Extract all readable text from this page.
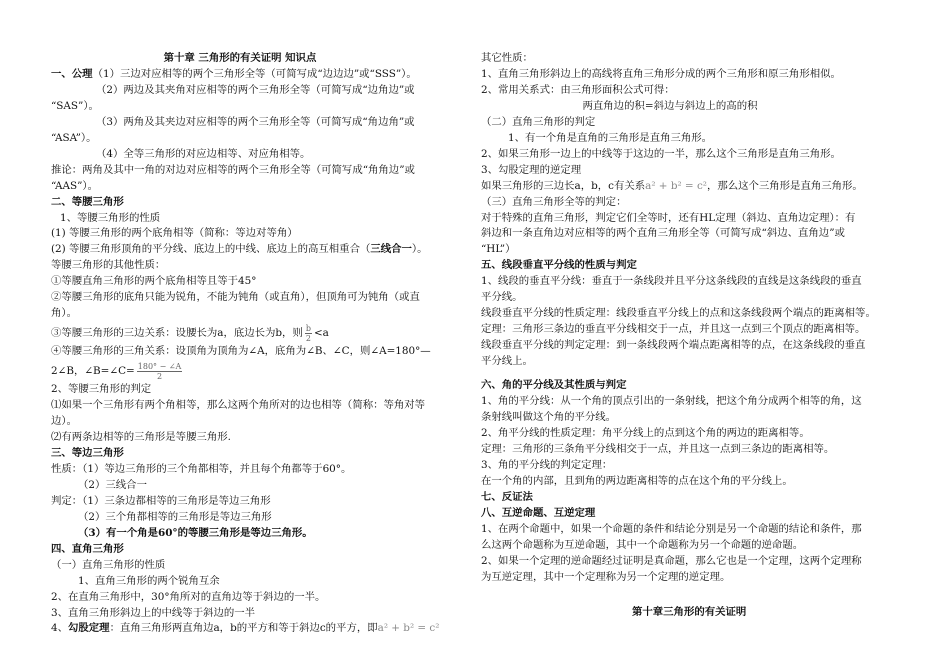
第十章 三角形的有关证明 知识点
一、公理（1）三边对应相等的两个三角形全等（可简写成“边边边”或“SSS”）。
（2）两边及其夹角对应相等的两个三角形全等（可简写成“边角边”或
“SAS”）。
（3）两角及其夹边对应相等的两个三角形全等（可简写成“角边角”或
“ASA”）。
（4）全等三角形的对应边相等、对应角相等。
推论：两角及其中一角的对边对应相等的两个三角形全等（可简写成“角角边”或
“AAS”）。
二、等腰三角形
1、等腰三角形的性质
(1) 等腰三角形的两个底角相等（简称：等边对等角）
(2) 等腰三角形顶角的平分线、底边上的中线、底边上的高互相重合（三线合一）。
等腰三角形的其他性质：
①等腰直角三角形的两个底角相等且等于45°
②等腰三角形的底角只能为锐角，不能为钝角（或直角），但顶角可为钝角（或直
角）。
③等腰三角形的三边关系：设腰长为a，底边长为b，则 $\frac{b}{2} <a$
④等腰三角形的三角关系：设顶角为顶角为∠A，底角为∠B、∠C，则∠A=180°—
2∠B，∠B=∠C= $\frac{180^\circ - \angle A}{2}$
2、等腰三角形的判定
⑴如果一个三角形有两个角相等，那么这两个角所对的边也相等（简称：等角对等
边）。
⑵有两条边相等的三角形是等腰三角形.
三、等边三角形
性质：（1）等边三角形的三个角都相等，并且每个角都等于60°。
（2）三线合一
判定：（1）三条边都相等的三角形是等边三角形
（2）三个角都相等的三角形是等边三角形
（3）有一个角是60°的等腰三角形是等边三角形。
四、直角三角形
（一）直角三角形的性质
1、直角三角形的两个锐角互余
2、在直角三角形中，30°角所对的直角边等于斜边的一半。
3、直角三角形斜边上的中线等于斜边的一半
4、勾股定理：直角三角形两直角边a，b的平方和等于斜边c的平方，即a² + b² = c²
其它性质：
1、直角三角形斜边上的高线将直角三角形分成的两个三角形和原三角形相似。
2、常用关系式：由三角形面积公式可得：
两直角边的积=斜边与斜边上的高的积
（二）直角三角形的判定
1、有一个角是直角的三角形是直角三角形。
2、如果三角形一边上的中线等于这边的一半，那么这个三角形是直角三角形。
3、勾股定理的逆定理
如果三角形的三边长a，b，c有关系a² + b² = c²，那么这个三角形是直角三角形。
（三）直角三角形全等的判定：
对于特殊的直角三角形，判定它们全等时，还有HL定理（斜边、直角边定理）：有
斜边和一条直角边对应相等的两个直角三角形全等（可简写成“斜边、直角边”或
“HL”）
五、线段垂直平分线的性质与判定
1、线段的垂直平分线：垂直于一条线段并且平分这条线段的直线是这条线段的垂直
平分线。
线段垂直平分线的性质定理：线段垂直平分线上的点和这条线段两个端点的距离相等。
定理：三角形三条边的垂直平分线相交于一点，并且这一点到三个顶点的距离相等。
线段垂直平分线的判定定理：到一条线段两个端点距离相等的点，在这条线段的垂直
平分线上。
六、角的平分线及其性质与判定
1、角的平分线：从一个角的顶点引出的一条射线，把这个角分成两个相等的角，这
条射线叫做这个角的平分线。
2、角平分线的性质定理：角平分线上的点到这个角的两边的距离相等。
定理：三角形的三条角平分线相交于一点，并且这一点到三条边的距离相等。
3、角的平分线的判定定理：
在一个角的内部，且到角的两边距离相等的点在这个角的平分线上。
七、反证法
八、互逆命题、互逆定理
1、在两个命题中，如果一个命题的条件和结论分别是另一个命题的结论和条件，那
么这两个命题称为互逆命题，其中一个命题称为另一个命题的逆命题。
2、如果一个定理的逆命题经过证明是真命题，那么它也是一个定理，这两个定理称
为互逆定理，其中一个定理称为另一个定理的逆定理。
第十章三角形的有关证明
